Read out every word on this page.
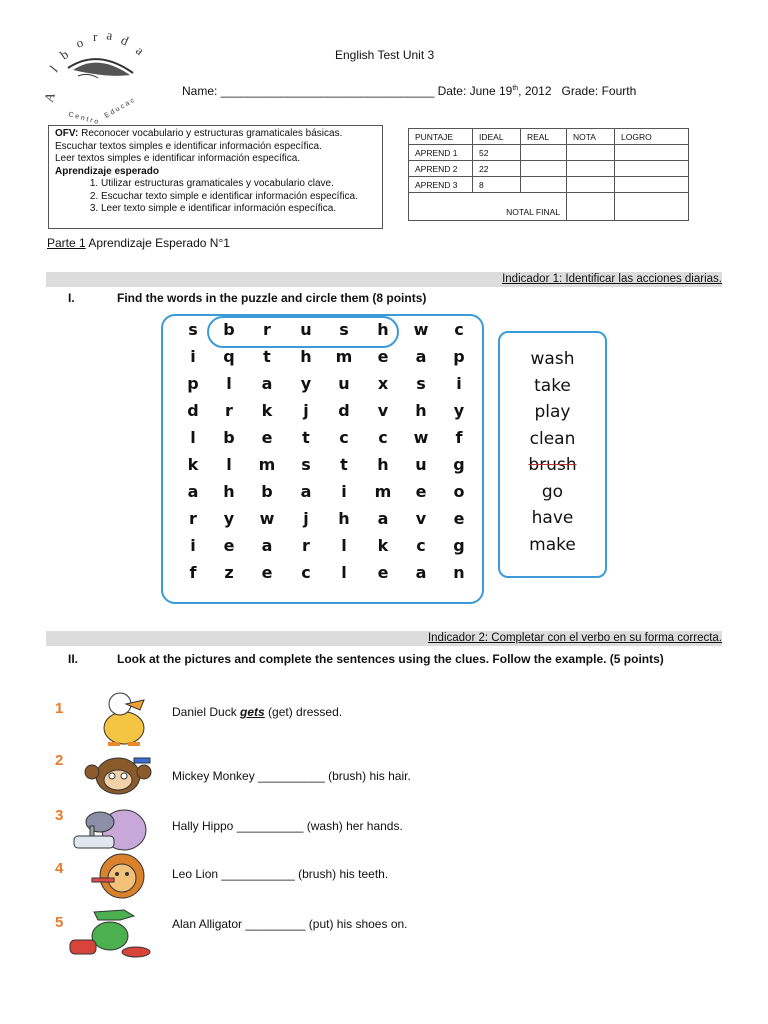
A
l
b
o r a d
a
C e n t r o E d u c a c
English Test Unit 3
Name: ________________________________ Date: June 19th, 2012 Grade: Fourth
OFV: Reconocer vocabulario y estructuras gramaticales básicas.
Escuchar textos simples e identificar información específica.
Leer textos simples e identificar información específica.
Aprendizaje esperado
1. Utilizar estructuras gramaticales y vocabulario clave.
2. Escuchar texto simple e identificar información específica.
3. Leer texto simple e identificar información específica.
PUNTAJE	IDEAL	REAL	NOTA	LOGRO
APREND 1	52			
APREND 2	22			
APREND 3	8			
NOTAL FINAL				
Parte 1 Aprendizaje Esperado N°1
Indicador 1: Identificar las acciones diarias.
I.	Find the words in the puzzle and circle them (8 points)
s	b	r	u	s	h	w	c
i	q	t	h	m	e	a	p
p	l	a	y	u	x	s	i
d	r	k	j	d	v	h	y
l	b	e	t	c	c	w	f
k	l	m	s	t	h	u	g
a	h	b	a	i	m	e	o
r	y	w	j	h	a	v	e
i	e	a	r	l	k	c	g
f	z	e	c	l	e	a	n
wash
take
play
clean
brush
go
have
make
Indicador 2: Completar con el verbo en su forma correcta.
II.	Look at the pictures and complete the sentences using the clues. Follow the example. (5 points)
1	Daniel Duck gets (get) dressed.
2
Mickey Monkey __________ (brush) his hair.
3
Hally Hippo __________ (wash) her hands.
4	Leo Lion ___________ (brush) his teeth.
5	Alan Alligator _________ (put) his shoes on.
